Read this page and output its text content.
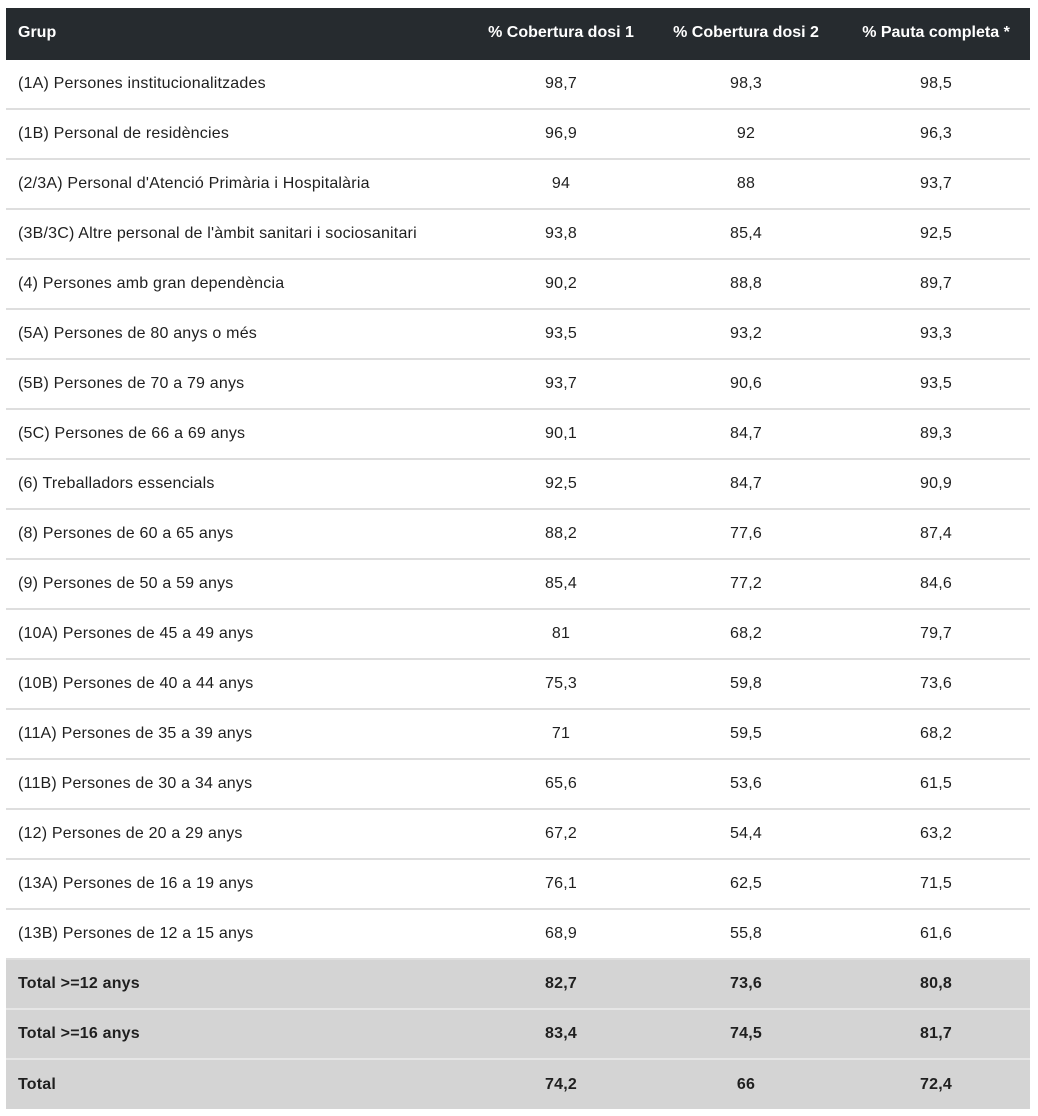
Grup	% Cobertura dosi 1	% Cobertura dosi 2	% Pauta completa *
(1A) Persones institucionalitzades	98,7	98,3	98,5
(1B) Personal de residències	96,9	92	96,3
(2/3A) Personal d'Atenció Primària i Hospitalària	94	88	93,7
(3B/3C) Altre personal de l'àmbit sanitari i sociosanitari	93,8	85,4	92,5
(4) Persones amb gran dependència	90,2	88,8	89,7
(5A) Persones de 80 anys o més	93,5	93,2	93,3
(5B) Persones de 70 a 79 anys	93,7	90,6	93,5
(5C) Persones de 66 a 69 anys	90,1	84,7	89,3
(6) Treballadors essencials	92,5	84,7	90,9
(8) Persones de 60 a 65 anys	88,2	77,6	87,4
(9) Persones de 50 a 59 anys	85,4	77,2	84,6
(10A) Persones de 45 a 49 anys	81	68,2	79,7
(10B) Persones de 40 a 44 anys	75,3	59,8	73,6
(11A) Persones de 35 a 39 anys	71	59,5	68,2
(11B) Persones de 30 a 34 anys	65,6	53,6	61,5
(12) Persones de 20 a 29 anys	67,2	54,4	63,2
(13A) Persones de 16 a 19 anys	76,1	62,5	71,5
(13B) Persones de 12 a 15 anys	68,9	55,8	61,6
Total >=12 anys	82,7	73,6	80,8
Total >=16 anys	83,4	74,5	81,7
Total	74,2	66	72,4
